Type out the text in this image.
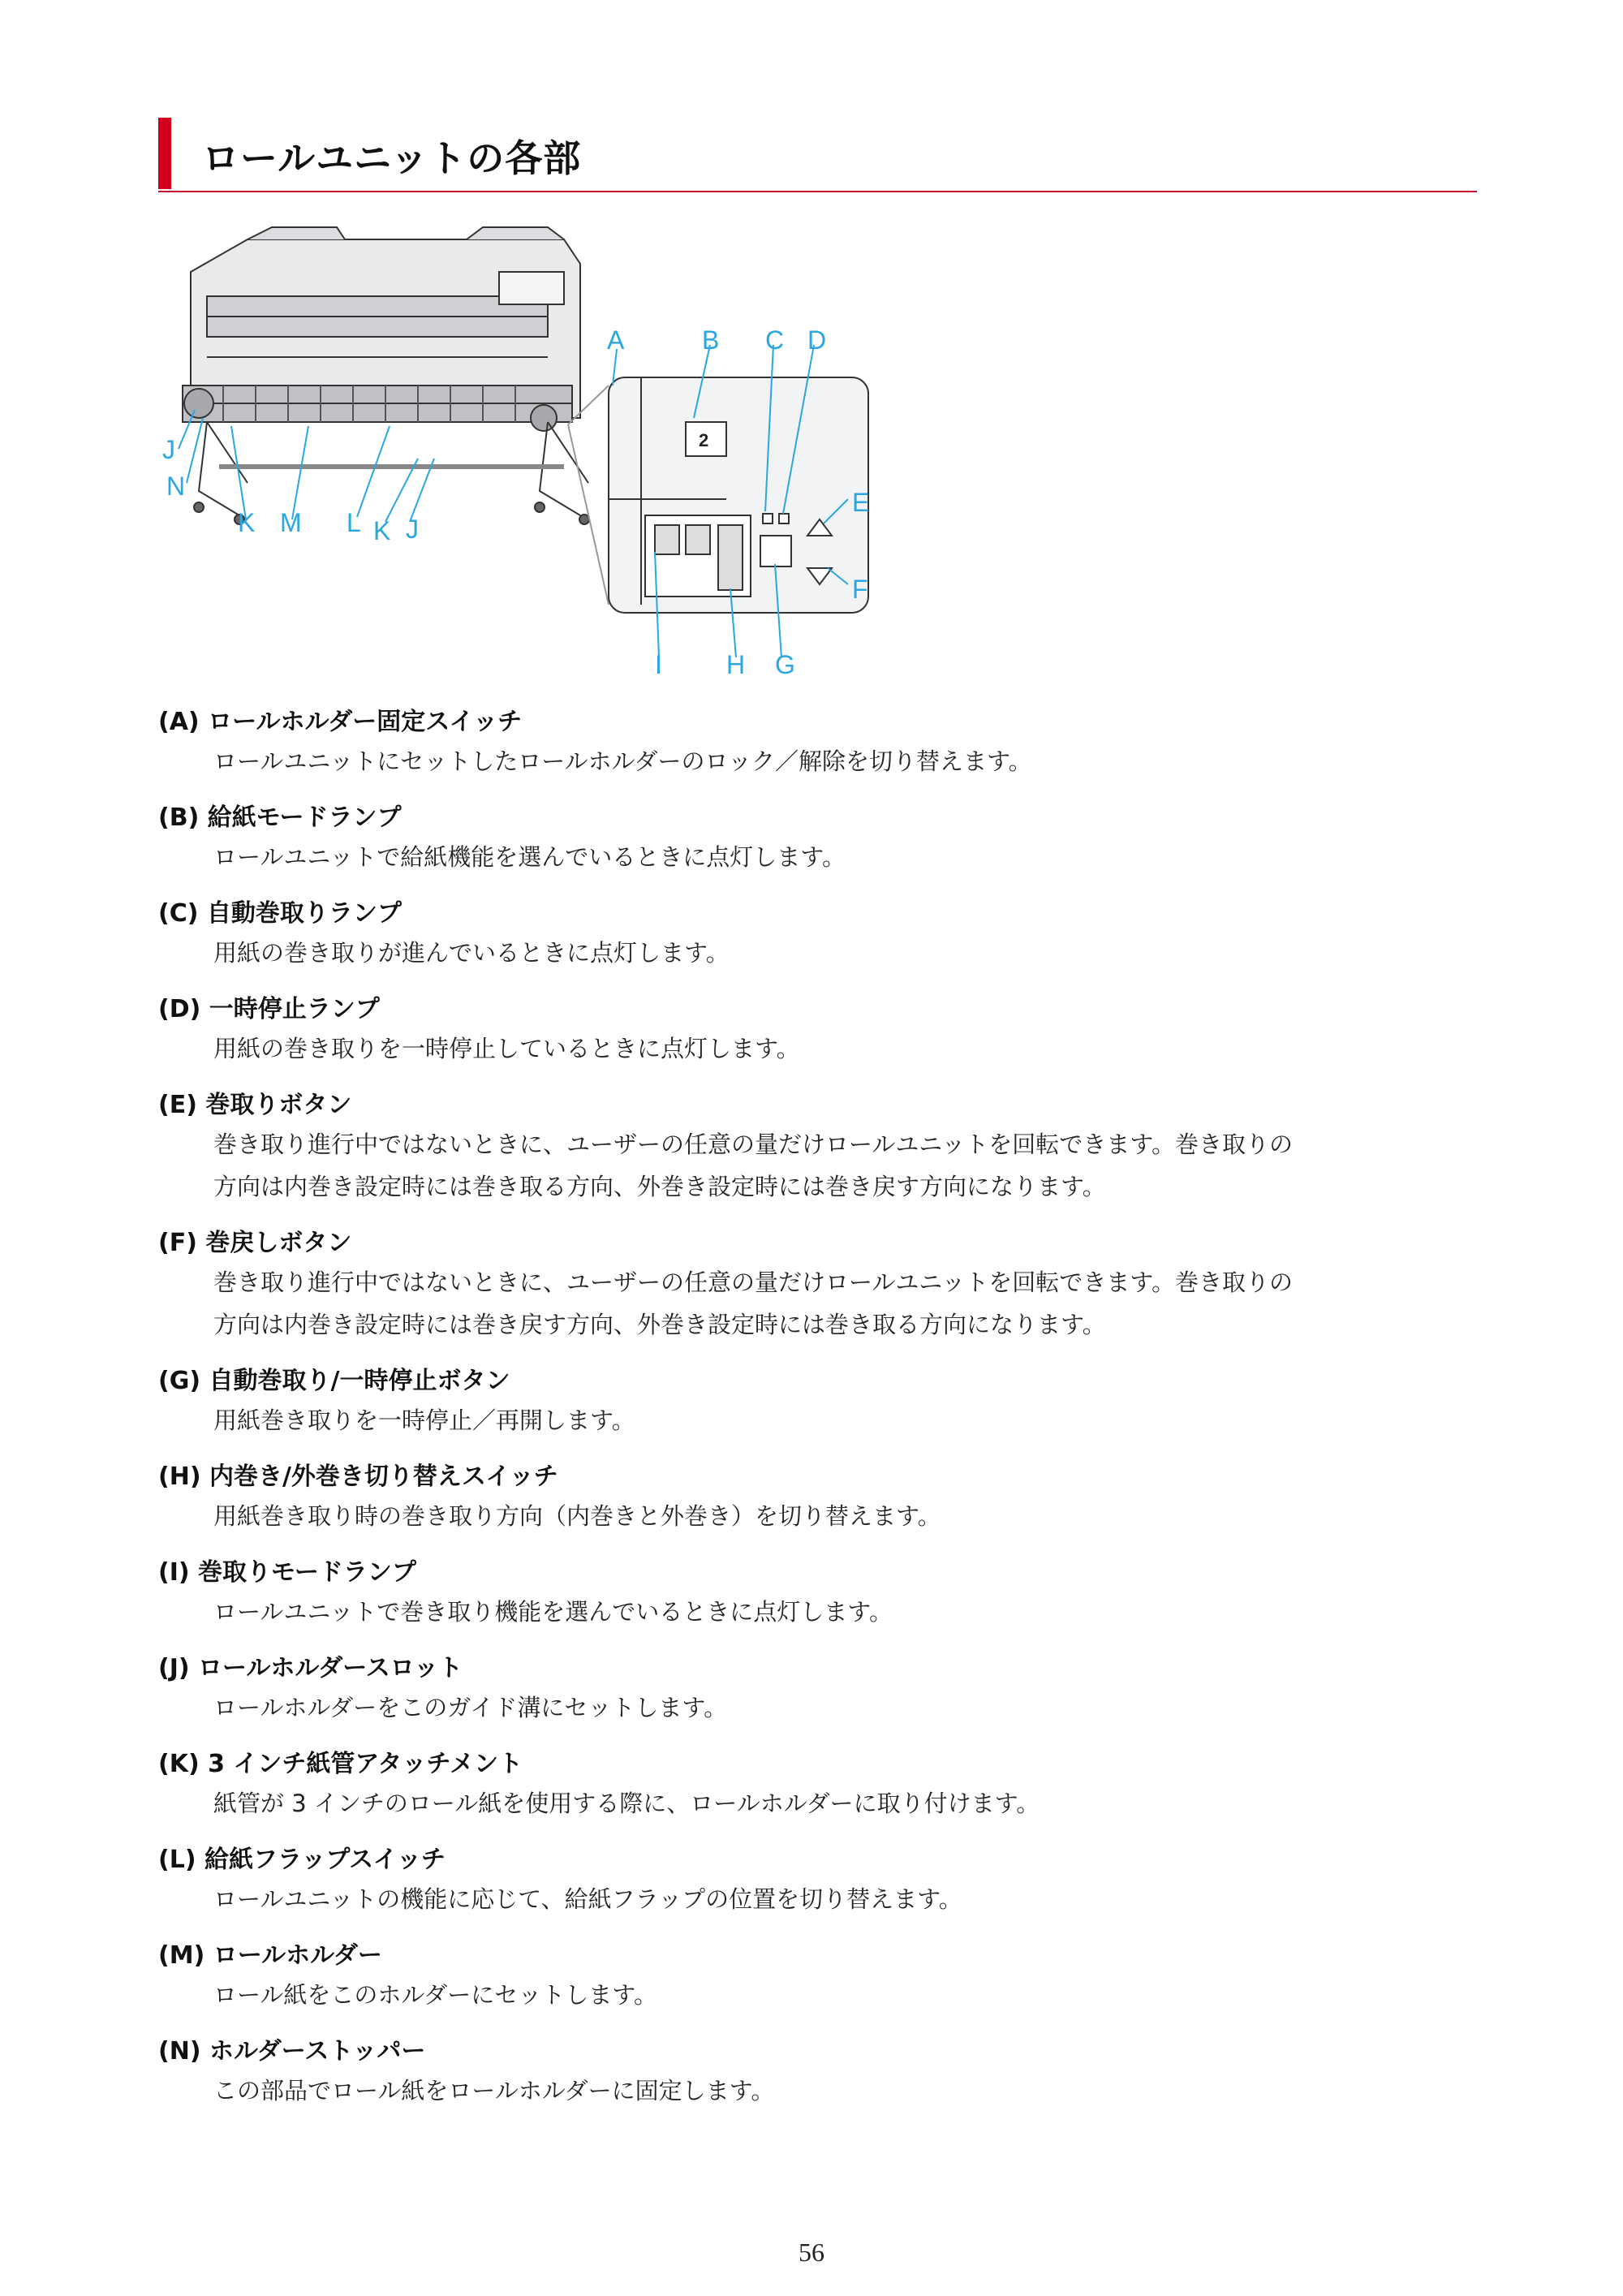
ロールユニットの各部
2
A	B C D
E
F
G
H
I
J
N
K M L K J
(A) ロールホルダー固定スイッチ
ロールユニットにセットしたロールホルダーのロック／解除を切り替えます。
(B) 給紙モードランプ
ロールユニットで給紙機能を選んでいるときに点灯します。
(C) 自動巻取りランプ
用紙の巻き取りが進んでいるときに点灯します。
(D) 一時停止ランプ
用紙の巻き取りを一時停止しているときに点灯します。
(E) 巻取りボタン
巻き取り進行中ではないときに、ユーザーの任意の量だけロールユニットを回転できます。巻き取りの
方向は内巻き設定時には巻き取る方向、外巻き設定時には巻き戻す方向になります。
(F) 巻戻しボタン
巻き取り進行中ではないときに、ユーザーの任意の量だけロールユニットを回転できます。巻き取りの
方向は内巻き設定時には巻き戻す方向、外巻き設定時には巻き取る方向になります。
(G) 自動巻取り/一時停止ボタン
用紙巻き取りを一時停止／再開します。
(H) 内巻き/外巻き切り替えスイッチ
用紙巻き取り時の巻き取り方向（内巻きと外巻き）を切り替えます。
(I) 巻取りモードランプ
ロールユニットで巻き取り機能を選んでいるときに点灯します。
(J) ロールホルダースロット
ロールホルダーをこのガイド溝にセットします。
(K) 3 インチ紙管アタッチメント
紙管が 3 インチのロール紙を使用する際に、ロールホルダーに取り付けます。
(L) 給紙フラップスイッチ
ロールユニットの機能に応じて、給紙フラップの位置を切り替えます。
(M) ロールホルダー
ロール紙をこのホルダーにセットします。
(N) ホルダーストッパー
この部品でロール紙をロールホルダーに固定します。
56
